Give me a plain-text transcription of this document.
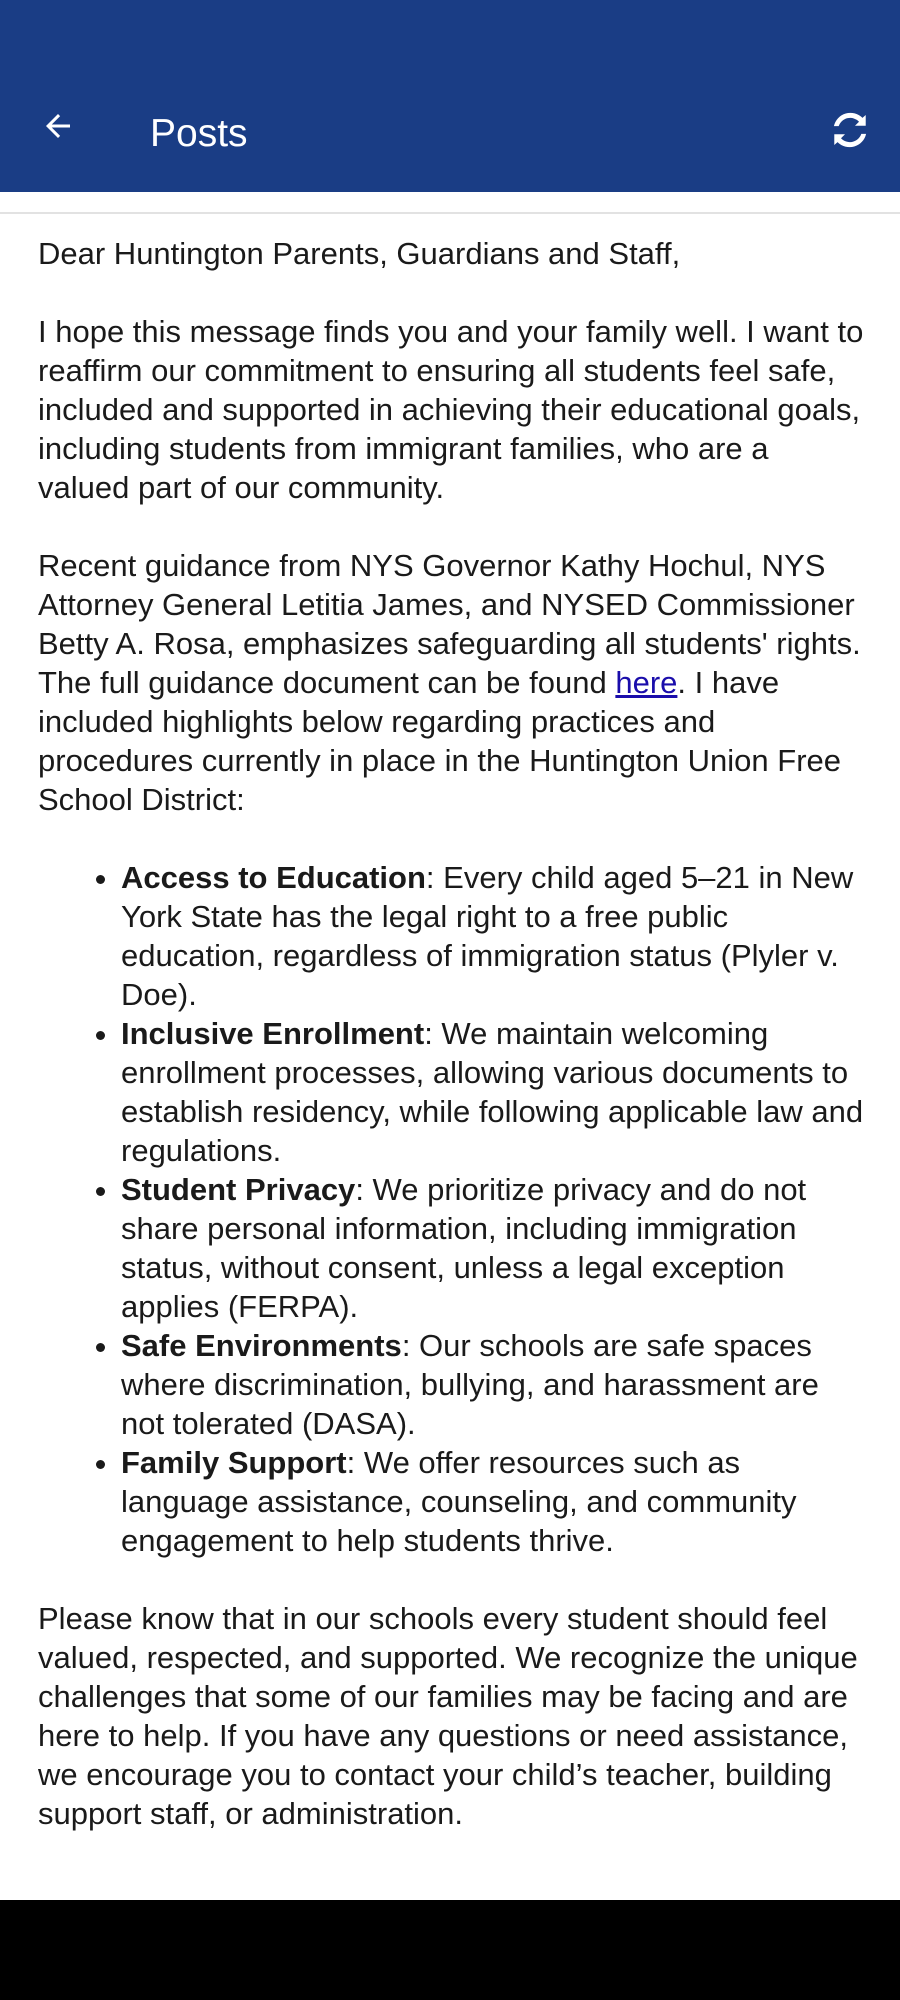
Posts

Dear Huntington Parents, Guardians and Staff,

I hope this message finds you and your family well. I want to reaffirm our commitment to ensuring all students feel safe, included and supported in achieving their educational goals, including students from immigrant families, who are a valued part of our community.

Recent guidance from NYS Governor Kathy Hochul, NYS Attorney General Letitia James, and NYSED Commissioner Betty A. Rosa, emphasizes safeguarding all students' rights. The full guidance document can be found here. I have included highlights below regarding practices and procedures currently in place in the Huntington Union Free School District:

• Access to Education: Every child aged 5–21 in New York State has the legal right to a free public education, regardless of immigration status (Plyler v. Doe).
• Inclusive Enrollment: We maintain welcoming enrollment processes, allowing various documents to establish residency, while following applicable law and regulations.
• Student Privacy: We prioritize privacy and do not share personal information, including immigration status, without consent, unless a legal exception applies (FERPA).
• Safe Environments: Our schools are safe spaces where discrimination, bullying, and harassment are not tolerated (DASA).
• Family Support: We offer resources such as language assistance, counseling, and community engagement to help students thrive.

Please know that in our schools every student should feel valued, respected, and supported. We recognize the unique challenges that some of our families may be facing and are here to help. If you have any questions or need assistance, we encourage you to contact your child’s teacher, building support staff, or administration.
